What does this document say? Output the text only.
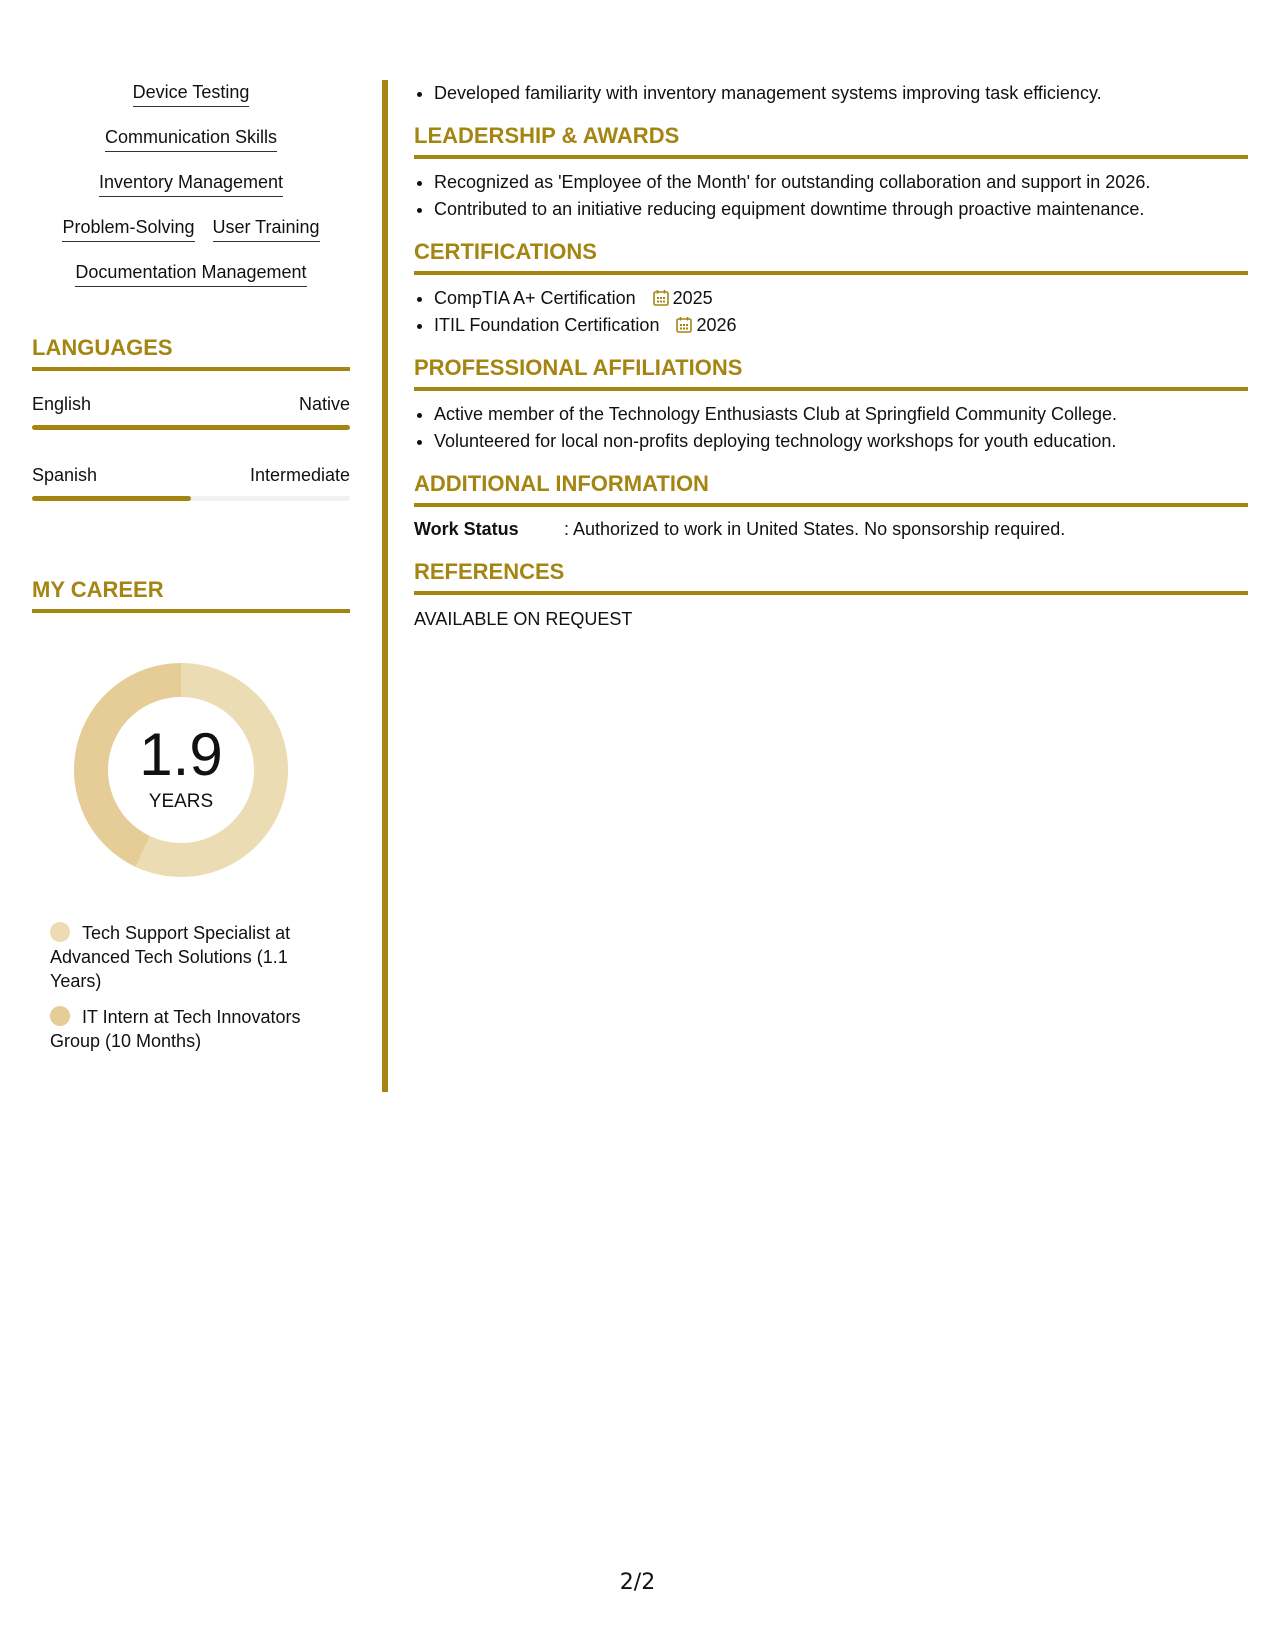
Device Testing
Communication Skills
Inventory Management
Problem-Solving User Training
Documentation Management
LANGUAGES
English	Native
Spanish	Intermediate
MY CAREER
1.9
YEARS
Tech Support Specialist at Advanced Tech Solutions (1.1 Years)
IT Intern at Tech Innovators Group (10 Months)
• Developed familiarity with inventory management systems improving task efficiency.
LEADERSHIP & AWARDS
• Recognized as 'Employee of the Month' for outstanding collaboration and support in 2026.
• Contributed to an initiative reducing equipment downtime through proactive maintenance.
CERTIFICATIONS
• CompTIA A+ Certification 2025
• ITIL Foundation Certification 2026
PROFESSIONAL AFFILIATIONS
• Active member of the Technology Enthusiasts Club at Springfield Community College.
• Volunteered for local non-profits deploying technology workshops for youth education.
ADDITIONAL INFORMATION
Work Status	: Authorized to work in United States. No sponsorship required.
REFERENCES
AVAILABLE ON REQUEST
2/2
